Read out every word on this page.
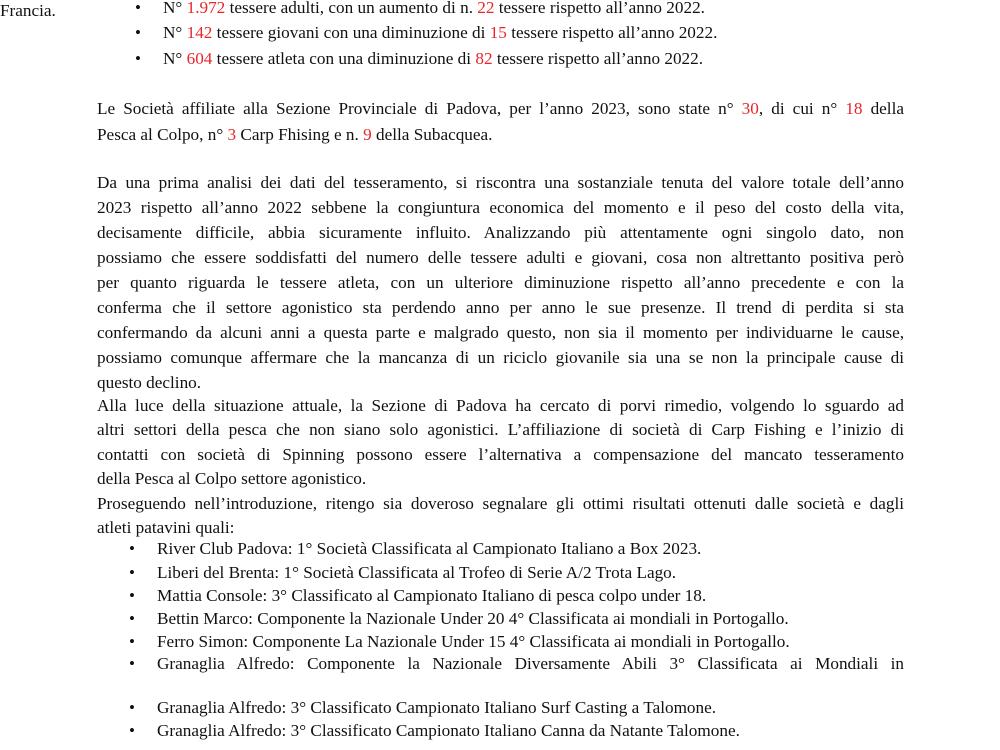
• N° 1.972 tessere adulti, con un aumento di n. 22 tessere rispetto all’anno 2022.
• N° 142 tessere giovani con una diminuzione di 15 tessere rispetto all’anno 2022.
• N° 604 tessere atleta con una diminuzione di 82 tessere rispetto all’anno 2022.
Le Società affiliate alla Sezione Provinciale di Padova, per l’anno 2023, sono state n° 30, di cui n° 18 della
Pesca al Colpo, n° 3 Carp Fhising e n. 9 della Subacquea.
Da una prima analisi dei dati del tesseramento, si riscontra una sostanziale tenuta del valore totale dell’anno
2023 rispetto all’anno 2022 sebbene la congiuntura economica del momento e il peso del costo della vita,
decisamente difficile, abbia sicuramente influito. Analizzando più attentamente ogni singolo dato, non
possiamo che essere soddisfatti del numero delle tessere adulti e giovani, cosa non altrettanto positiva però
per quanto riguarda le tessere atleta, con un ulteriore diminuzione rispetto all’anno precedente e con la
conferma che il settore agonistico sta perdendo anno per anno le sue presenze. Il trend di perdita si sta
confermando da alcuni anni a questa parte e malgrado questo, non sia il momento per individuarne le cause,
possiamo comunque affermare che la mancanza di un riciclo giovanile sia una se non la principale cause di
questo declino.
Alla luce della situazione attuale, la Sezione di Padova ha cercato di porvi rimedio, volgendo lo sguardo ad
altri settori della pesca che non siano solo agonistici. L’affiliazione di società di Carp Fishing e l’inizio di
contatti con società di Spinning possono essere l’alternativa a compensazione del mancato tesseramento
della Pesca al Colpo settore agonistico.
Proseguendo nell’introduzione, ritengo sia doveroso segnalare gli ottimi risultati ottenuti dalle società e dagli
atleti patavini quali:
• River Club Padova: 1° Società Classificata al Campionato Italiano a Box 2023.
• Liberi del Brenta: 1° Società Classificata al Trofeo di Serie A/2 Trota Lago.
• Mattia Console: 3° Classificato al Campionato Italiano di pesca colpo under 18.
• Bettin Marco: Componente la Nazionale Under 20 4° Classificata ai mondiali in Portogallo.
• Ferro Simon: Componente La Nazionale Under 15 4° Classificata ai mondiali in Portogallo.
• Granaglia Alfredo: Componente la Nazionale Diversamente Abili 3° Classificata ai Mondiali in
Francia.
• Granaglia Alfredo: 3° Classificato Campionato Italiano Surf Casting a Talomone.
• Granaglia Alfredo: 3° Classificato Campionato Italiano Canna da Natante Talomone.
